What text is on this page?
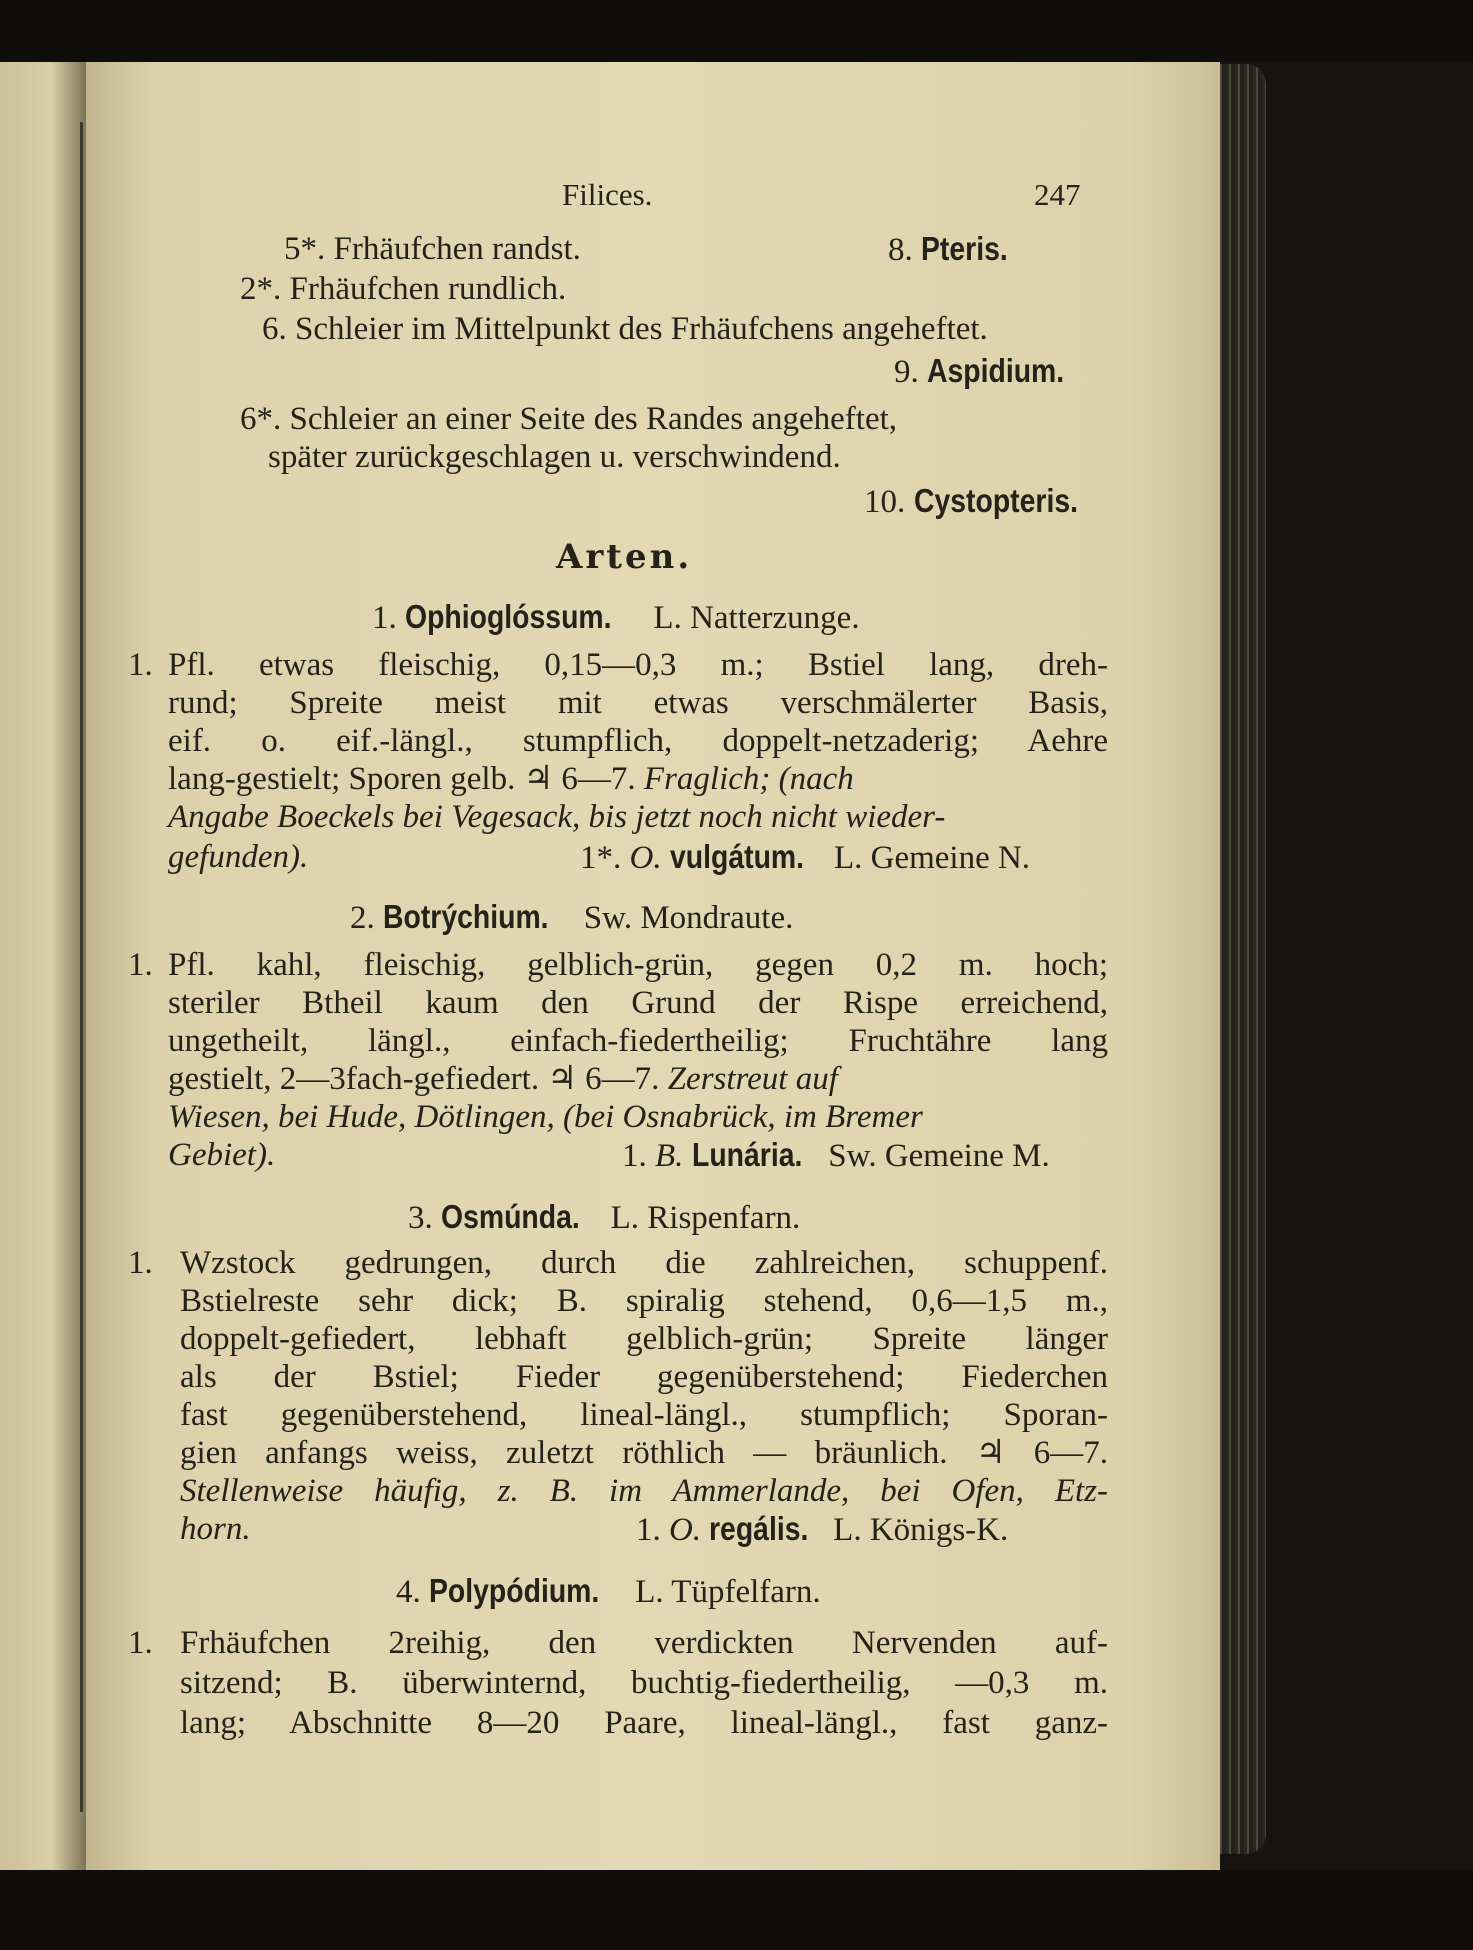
Filices.	247
5*. Frhäufchen randst.	8. Pteris.
2*. Frhäufchen rundlich.
6. Schleier im Mittelpunkt des Frhäufchens angeheftet.
9. Aspidium.
6*. Schleier an einer Seite des Randes angeheftet,
später zurückgeschlagen u. verschwindend.
10. Cystopteris.
Arten.
1. Ophioglóssum. L. Natterzunge.
1. Pfl. etwas fleischig, 0,15—0,3 m.; Bstiel lang, dreh-
rund; Spreite meist mit etwas verschmälerter Basis,
eif. o. eif.-längl., stumpflich, doppelt-netzaderig; Aehre
lang-gestielt; Sporen gelb. ♃ 6—7. Fraglich; (nach
Angabe Boeckels bei Vegesack, bis jetzt noch nicht wieder-
gefunden).	1*. O. vulgátum. L. Gemeine N.
2. Botrýchium. Sw. Mondraute.
1. Pfl. kahl, fleischig, gelblich-grün, gegen 0,2 m. hoch;
steriler Btheil kaum den Grund der Rispe erreichend,
ungetheilt, längl., einfach-fiedertheilig; Fruchtähre lang
gestielt, 2—3fach-gefiedert. ♃ 6—7. Zerstreut auf
Wiesen, bei Hude, Dötlingen, (bei Osnabrück, im Bremer
Gebiet).	1. B. Lunária. Sw. Gemeine M.
3. Osmúnda. L. Rispenfarn.
1. Wzstock gedrungen, durch die zahlreichen, schuppenf.
Bstielreste sehr dick; B. spiralig stehend, 0,6—1,5 m.,
doppelt-gefiedert, lebhaft gelblich-grün; Spreite länger
als der Bstiel; Fieder gegenüberstehend; Fiederchen
fast gegenüberstehend, lineal-längl., stumpflich; Sporan-
gien anfangs weiss, zuletzt röthlich — bräunlich. ♃ 6—7.
Stellenweise häufig, z. B. im Ammerlande, bei Ofen, Etz-
horn.	1. O. regális. L. Königs-K.
4. Polypódium. L. Tüpfelfarn.
1. Frhäufchen 2reihig, den verdickten Nervenden auf-
sitzend; B. überwinternd, buchtig-fiedertheilig, —0,3 m.
lang; Abschnitte 8—20 Paare, lineal-längl., fast ganz-
